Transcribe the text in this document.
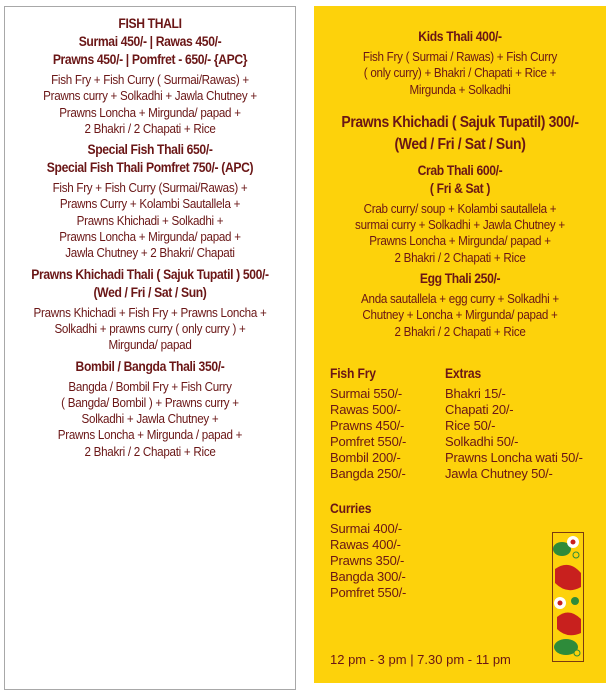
FISH THALI
Surmai 450/- | Rawas 450/-
Prawns 450/- | Pomfret - 650/- {APC}
Fish Fry + Fish Curry ( Surmai/Rawas) +
Prawns curry + Solkadhi + Jawla Chutney +
Prawns Loncha + Mirgunda/ papad +
2 Bhakri / 2 Chapati + Rice
Special Fish Thali 650/-
Special Fish Thali Pomfret 750/- (APC)
Fish Fry + Fish Curry (Surmai/Rawas) +
Prawns Curry + Kolambi Sautallela +
Prawns Khichadi + Solkadhi +
Prawns Loncha + Mirgunda/ papad +
Jawla Chutney + 2 Bhakri/ Chapati
Prawns Khichadi Thali ( Sajuk Tupatil ) 500/-
(Wed / Fri / Sat / Sun)
Prawns Khichadi + Fish Fry + Prawns Loncha +
Solkadhi + prawns curry ( only curry ) +
Mirgunda/ papad
Bombil / Bangda Thali 350/-
Bangda / Bombil Fry + Fish Curry
( Bangda/ Bombil ) + Prawns curry +
Solkadhi + Jawla Chutney +
Prawns Loncha + Mirgunda / papad +
2 Bhakri / 2 Chapati + Rice
Kids Thali 400/-
Fish Fry ( Surmai / Rawas) + Fish Curry
( only curry) + Bhakri / Chapati + Rice +
Mirgunda + Solkadhi
Prawns Khichadi ( Sajuk Tupatil) 300/-
(Wed / Fri / Sat / Sun)
Crab Thali 600/-
( Fri & Sat )
Crab curry/ soup + Kolambi sautallela +
surmai curry + Solkadhi + Jawla Chutney +
Prawns Loncha + Mirgunda/ papad +
2 Bhakri / 2 Chapati + Rice
Egg Thali 250/-
Anda sautallela + egg curry + Solkadhi +
Chutney + Loncha + Mirgunda/ papad +
2 Bhakri / 2 Chapati + Rice
Fish Fry
Surmai 550/-
Rawas 500/-
Prawns 450/-
Pomfret 550/-
Bombil 200/-
Bangda 250/-
Extras
Bhakri 15/-
Chapati 20/-
Rice 50/-
Solkadhi 50/-
Prawns Loncha wati 50/-
Jawla Chutney 50/-
Curries
Surmai 400/-
Rawas 400/-
Prawns 350/-
Bangda 300/-
Pomfret 550/-
12 pm - 3 pm | 7.30 pm - 11 pm
